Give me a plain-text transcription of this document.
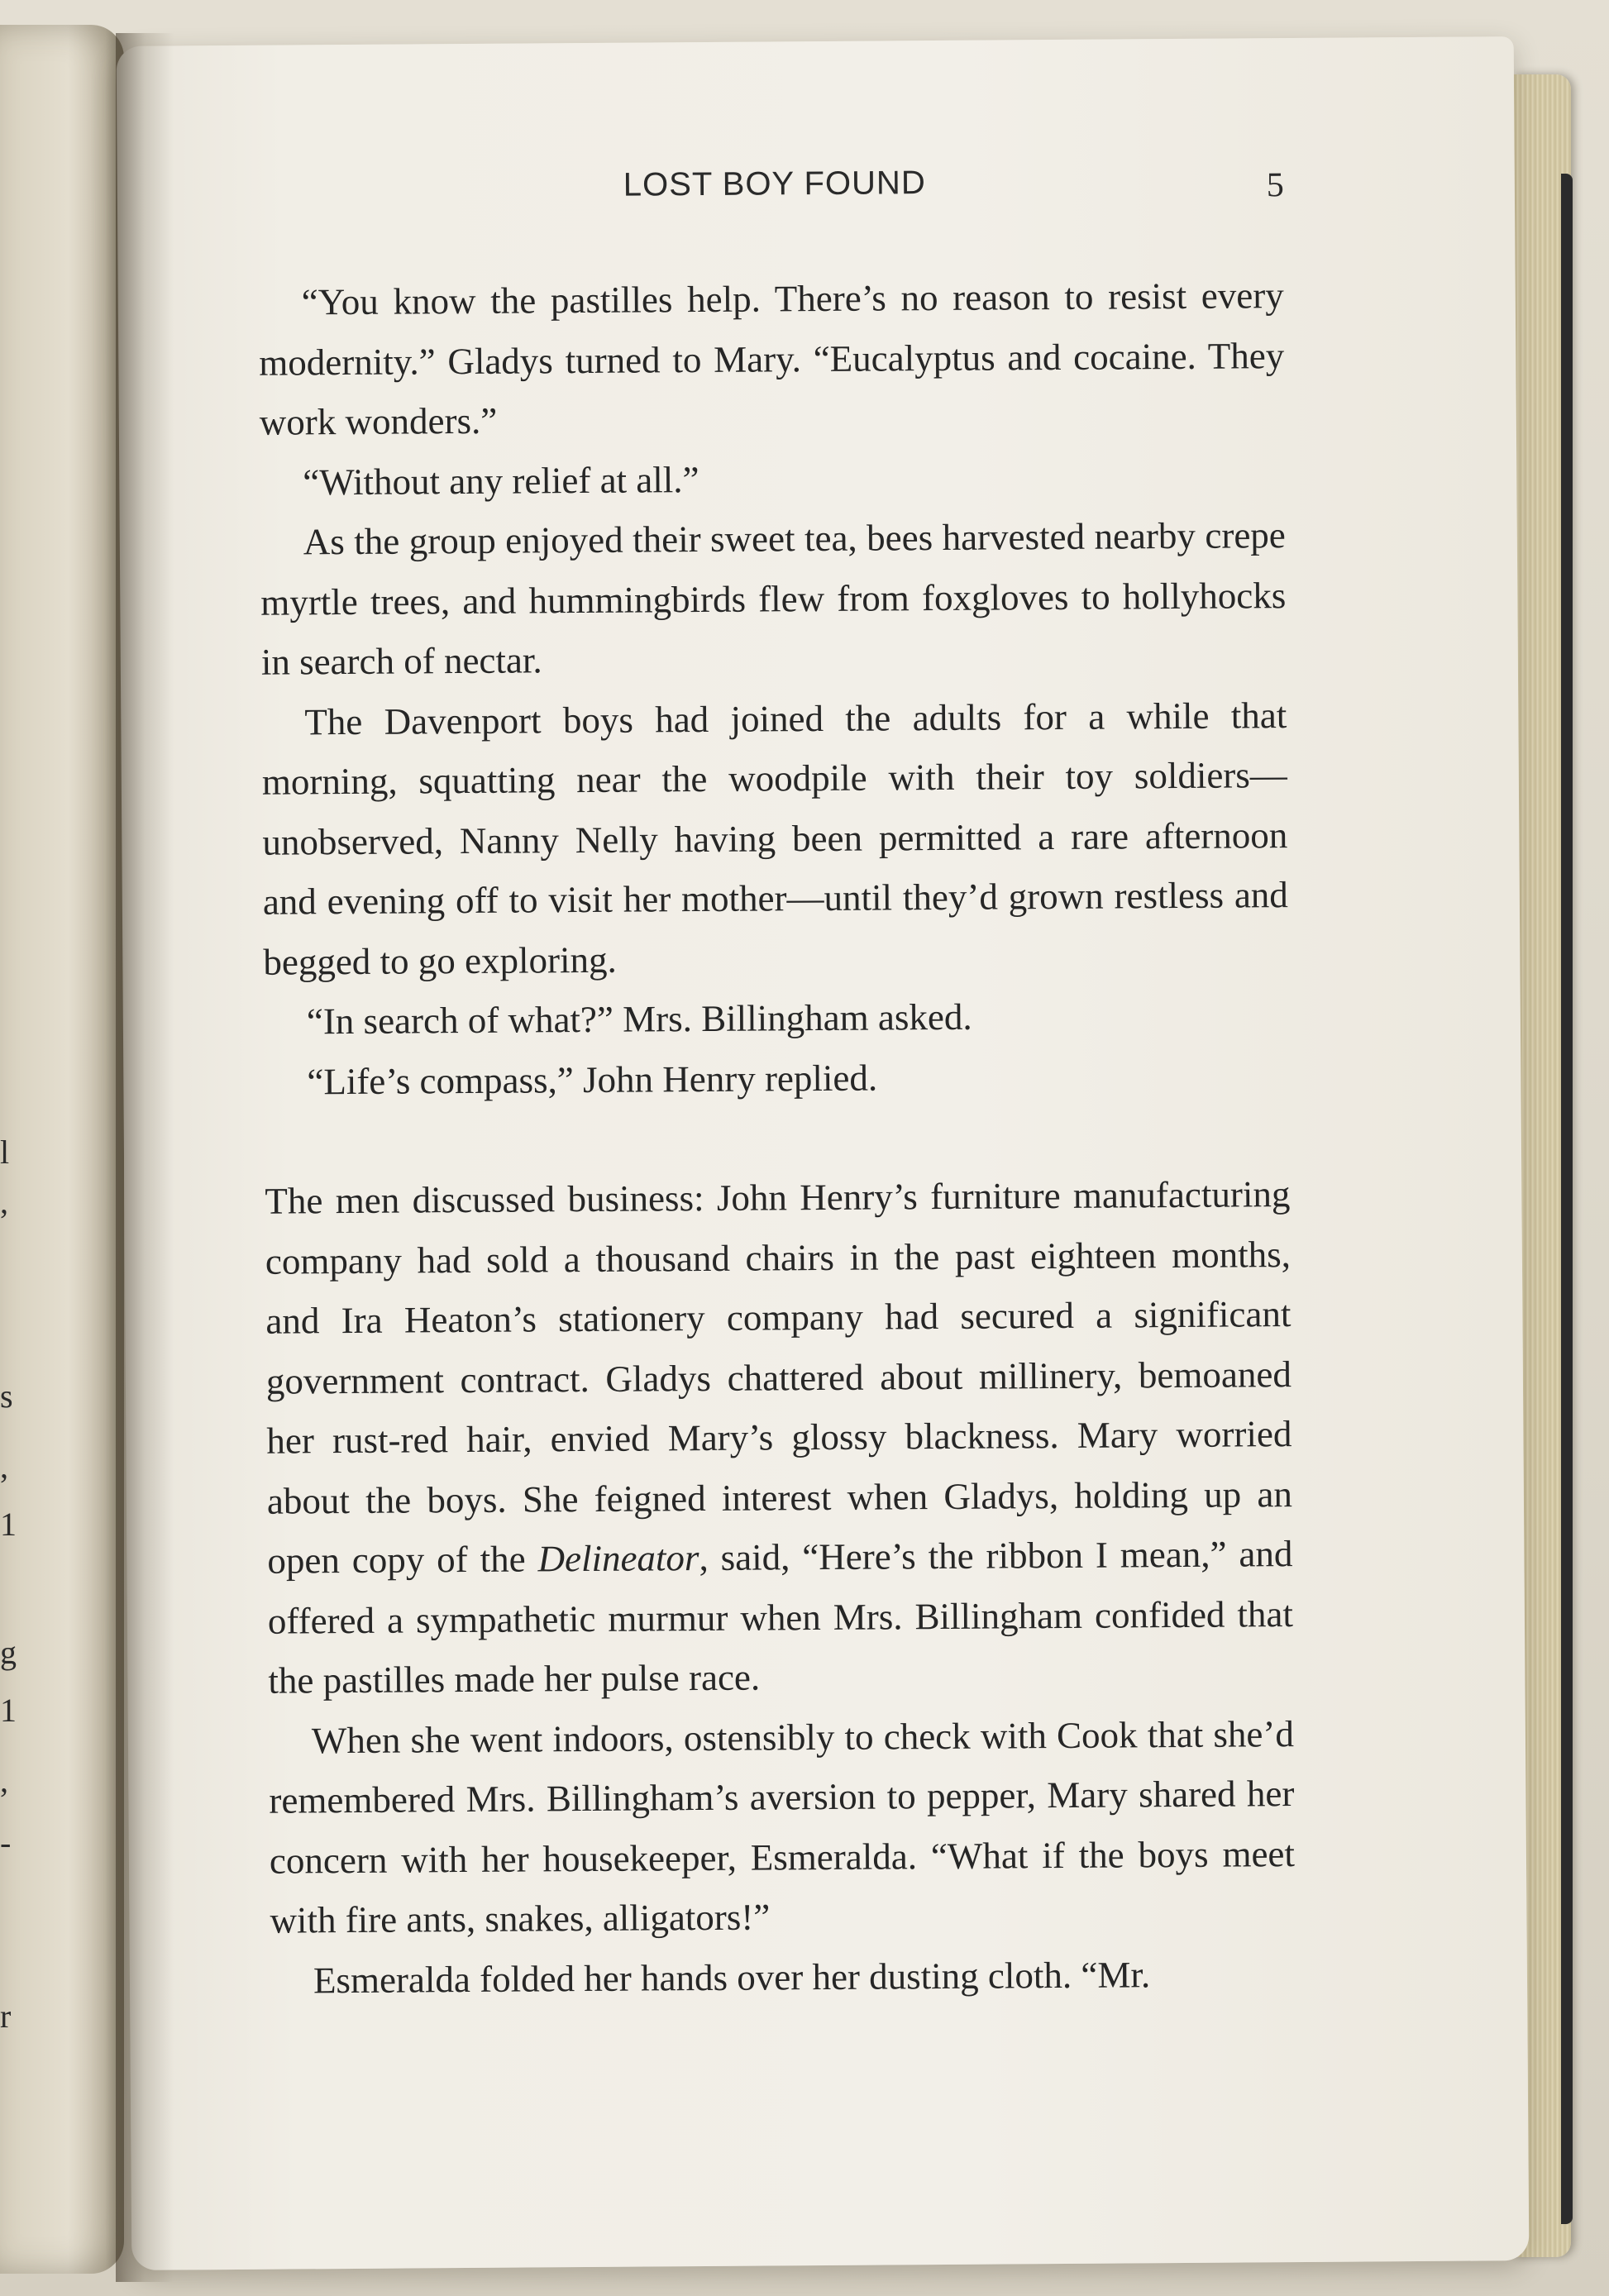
l
,
s
,
1
g
1
,
-
r
LOST BOY FOUND	5

“You know the pastilles help. There’s no reason to resist every modernity.” Gladys turned to Mary. “Eucalyptus and cocaine. They work wonders.”

“Without any relief at all.”

As the group enjoyed their sweet tea, bees harvested nearby crepe myrtle trees, and hummingbirds flew from foxgloves to hollyhocks in search of nectar.

The Davenport boys had joined the adults for a while that morning, squatting near the woodpile with their toy soldiers—unobserved, Nanny Nelly having been permitted a rare afternoon and evening off to visit her mother—until they’d grown restless and begged to go exploring.

“In search of what?” Mrs. Billingham asked.

“Life’s compass,” John Henry replied.

The men discussed business: John Henry’s furniture manufacturing company had sold a thousand chairs in the past eighteen months, and Ira Heaton’s stationery company had secured a significant government contract. Gladys chattered about millinery, bemoaned her rust-red hair, envied Mary’s glossy blackness. Mary worried about the boys. She feigned interest when Gladys, holding up an open copy of the Delineator, said, “Here’s the ribbon I mean,” and offered a sympathetic murmur when Mrs. Billingham confided that the pastilles made her pulse race.

When she went indoors, ostensibly to check with Cook that she’d remembered Mrs. Billingham’s aversion to pepper, Mary shared her concern with her housekeeper, Esmeralda. “What if the boys meet with fire ants, snakes, alligators!”

Esmeralda folded her hands over her dusting cloth. “Mr.
